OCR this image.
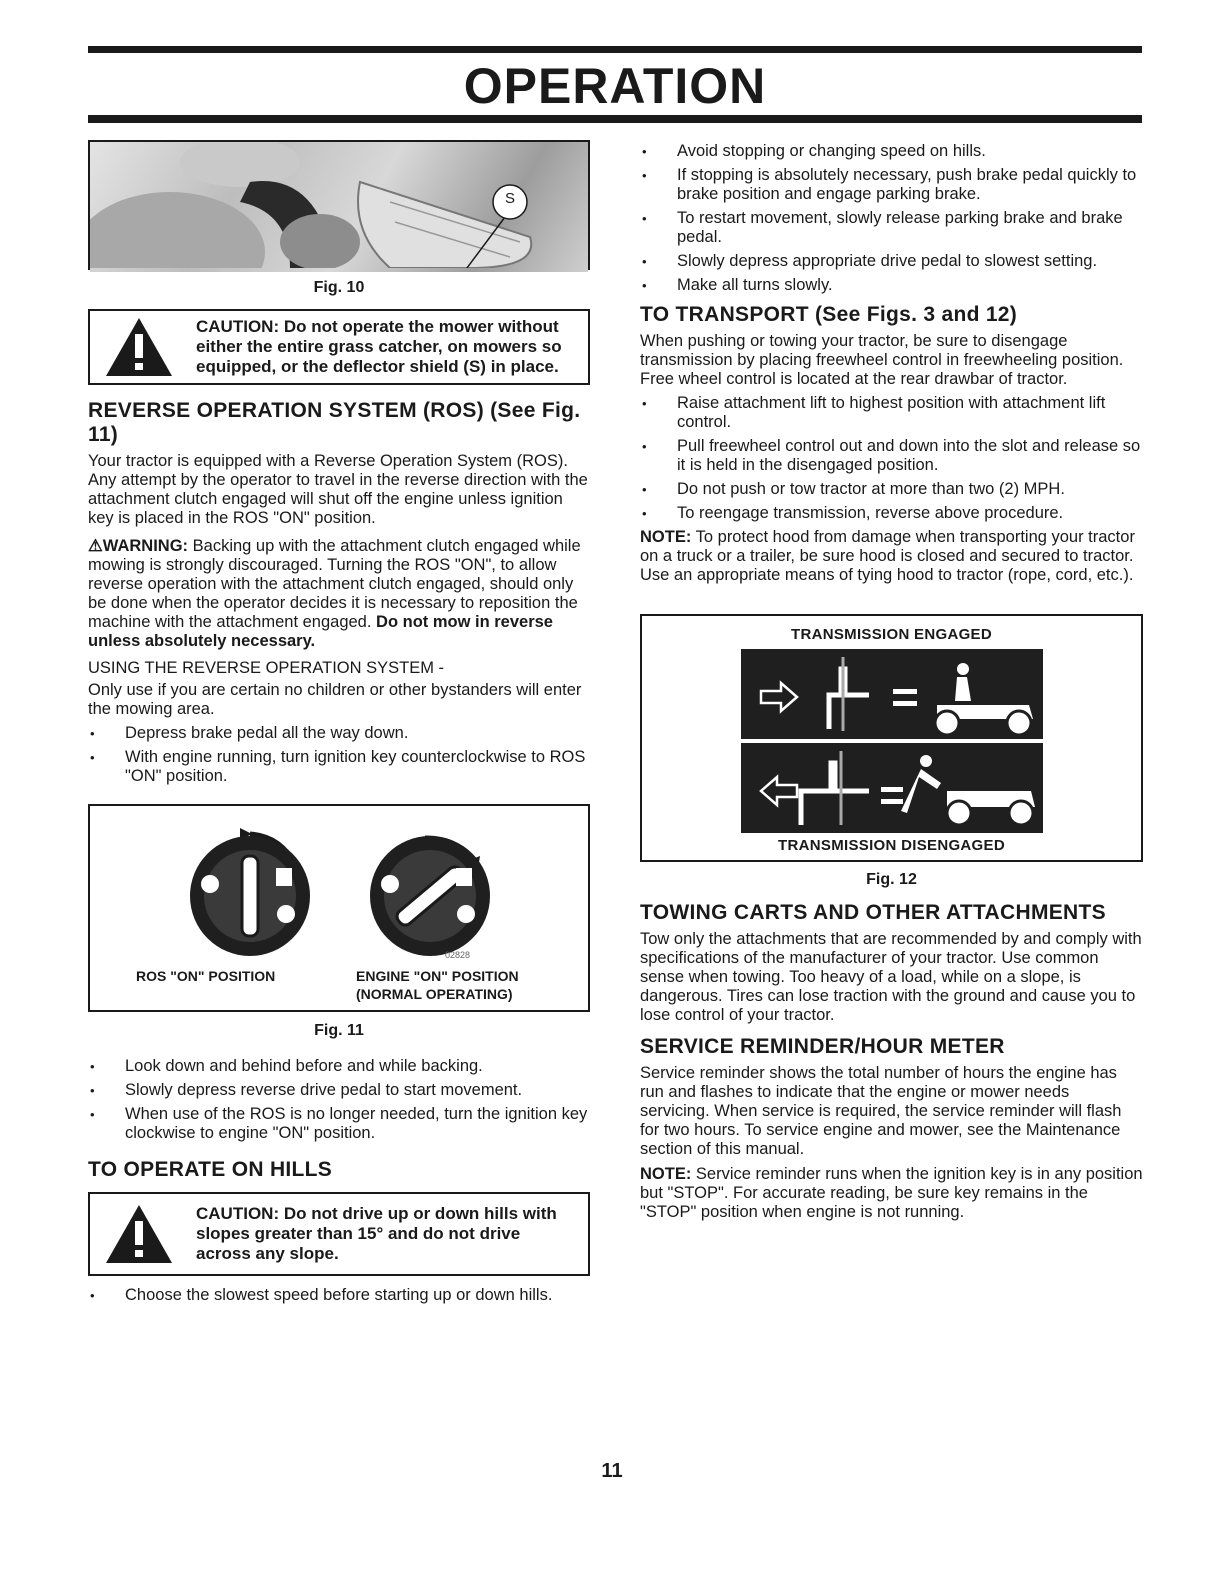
OPERATION
S
Fig. 10
CAUTION: Do not operate the mower without either the entire grass catcher, on mowers so equipped, or the deflector shield (S) in place.
REVERSE OPERATION SYSTEM (ROS) (See Fig. 11)

Your tractor is equipped with a Reverse Operation System (ROS). Any attempt by the operator to travel in the reverse direction with the attachment clutch engaged will shut off the engine unless ignition key is placed in the ROS "ON" position.

⚠WARNING: Backing up with the attachment clutch engaged while mowing is strongly discouraged. Turning the ROS "ON", to allow reverse operation with the attachment clutch engaged, should only be done when the operator decides it is necessary to reposition the machine with the attachment engaged. Do not mow in reverse unless absolutely necessary.

USING THE REVERSE OPERATION SYSTEM -

Only use if you are certain no children or other bystanders will enter the mowing area.

• Depress brake pedal all the way down.
• With engine running, turn ignition key counterclockwise to ROS "ON" position.
02828
ROS "ON" POSITION	ENGINE "ON" POSITION
(NORMAL OPERATING)
Fig. 11
• Look down and behind before and while backing.
• Slowly depress reverse drive pedal to start movement.
• When use of the ROS is no longer needed, turn the ignition key clockwise to engine "ON" position.
TO OPERATE ON HILLS
CAUTION: Do not drive up or down hills with slopes greater than 15° and do not drive across any slope.
• Choose the slowest speed before starting up or down hills.
• Avoid stopping or changing speed on hills.
• If stopping is absolutely necessary, push brake pedal quickly to brake position and engage parking brake.
• To restart movement, slowly release parking brake and brake pedal.
• Slowly depress appropriate drive pedal to slowest setting.
• Make all turns slowly.
TO TRANSPORT (See Figs. 3 and 12)

When pushing or towing your tractor, be sure to disengage transmission by placing freewheel control in freewheeling position. Free wheel control is located at the rear drawbar of tractor.

• Raise attachment lift to highest position with attachment lift control.
• Pull freewheel control out and down into the slot and release so it is held in the disengaged position.
• Do not push or tow tractor at more than two (2) MPH.
• To reengage transmission, reverse above procedure.

NOTE: To protect hood from damage when transporting your tractor on a truck or a trailer, be sure hood is closed and secured to tractor. Use an appropriate means of tying hood to tractor (rope, cord, etc.).

TRANSMISSION ENGAGED
TRANSMISSION DISENGAGED
Fig. 12
TOWING CARTS AND OTHER ATTACHMENTS

Tow only the attachments that are recommended by and comply with specifications of the manufacturer of your tractor. Use common sense when towing. Too heavy of a load, while on a slope, is dangerous. Tires can lose traction with the ground and cause you to lose control of your tractor.

SERVICE REMINDER/HOUR METER

Service reminder shows the total number of hours the engine has run and flashes to indicate that the engine or mower needs servicing. When service is required, the service reminder will flash for two hours. To service engine and mower, see the Maintenance section of this manual.

NOTE: Service reminder runs when the ignition key is in any position but "STOP". For accurate reading, be sure key remains in the "STOP" position when engine is not running.

11
